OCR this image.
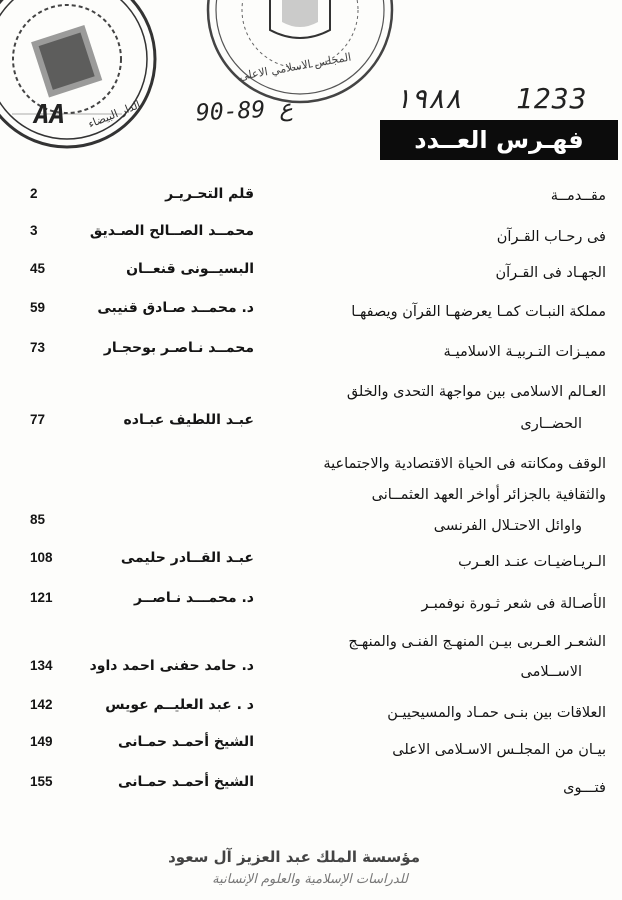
الدار البيضاء
المجلس الاسلامي الاعلى
١٩٨٨ 1233
90-89 ع
AA
فهـرس العــدد
مقــدمــة
قلم التحـريـر
2
فى رحـاب القـرآن
محمــد الصــالح الصـديق
3
الجهـاد فى القـرآن
البسيــونى قنعــان
45
مملكة النبـات كمـا يعرضهـا القرآن ويصفهـا
د. محمــد صـادق قنيبى
59
مميـزات التـربيـة الاسلاميـة
محمــد نـاصـر بوحجـار
73
العـالم الاسلامى بين مواجهة التحدى والخلق
الحضــارى
عبـد اللطيف عبـاده
77
الوقف ومكانته فى الحياة الاقتصادية والاجتماعية
والثقافية بالجزائر أواخر العهد العثمــانى
واوائل الاحتـلال الفرنسى
85
الـريـاضيـات عنـد العـرب
عبـد القــادر حليمى
108
الأصـالة فى شعر ثـورة نوفمبـر
د. محمـــد نـاصــر
121
الشعـر العـربى بيـن المنهـج الفنـى والمنهـج
الاســلامى
د. حامد حفنى احمد داود
134
العلاقات بين بنـى حمـاد والمسيحييـن
د . عبد العليــم عويس
142
بيـان من المجلـس الاسـلامى الاعلى
الشيخ أحمـد حمـانى
149
فتـــوى
الشيخ أحمـد حمـانى
155
مؤسسة الملك عبد العزيز آل سعود
للدراسات الإسلامية والعلوم الإنسانية
